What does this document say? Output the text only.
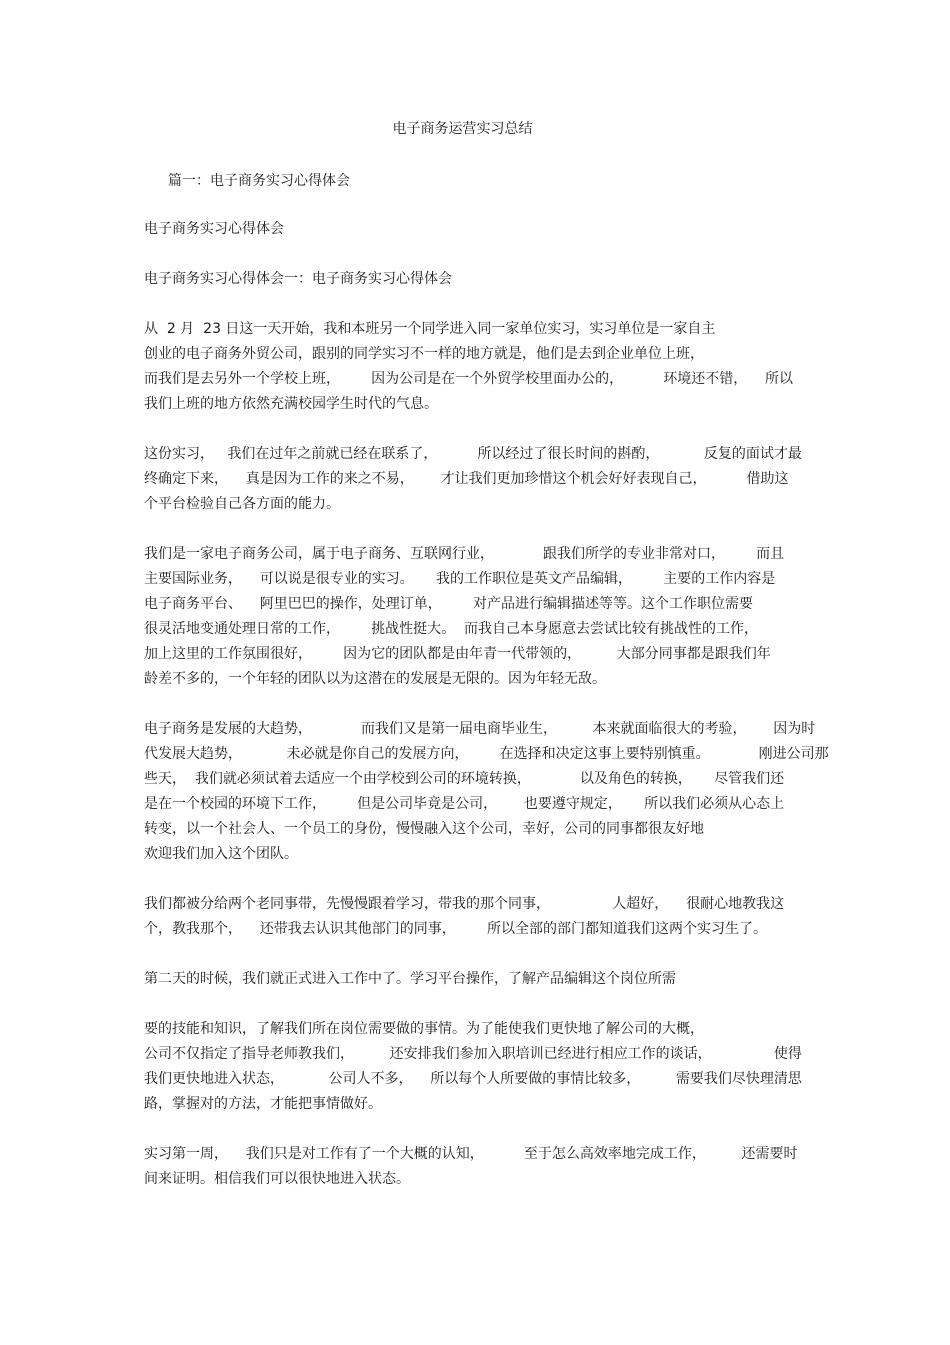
电子商务运营实习总结

篇一：电子商务实习心得体会

电子商务实习心得体会

电子商务实习心得体会一：电子商务实习心得体会

从  2 月  23 日这一天开始，我和本班另一个同学进入同一家单位实习，实习单位是一家自主

创业的电子商务外贸公司，跟别的同学实习不一样的地方就是，他们是去到企业单位上班，

而我们是去另外一个学校上班，       因为公司是在一个外贸学校里面办公的，         环境还不错，    所以

我们上班的地方依然充满校园学生时代的气息。

这份实习，   我们在过年之前就已经在联系了，         所以经过了很长时间的斟酌，          反复的面试才最

终确定下来，    真是因为工作的来之不易，      才让我们更加珍惜这个机会好好表现自己，         借助这

个平台检验自己各方面的能力。

我们是一家电子商务公司，属于电子商务、互联网行业，           跟我们所学的专业非常对口，       而且

主要国际业务，    可以说是很专业的实习。     我的工作职位是英文产品编辑，       主要的工作内容是

电子商务平台、    阿里巴巴的操作，处理订单，       对产品进行编辑描述等等。这个工作职位需要

很灵活地变通处理日常的工作，       挑战性挺大。  而我自己本身愿意去尝试比较有挑战性的工作，

加上这里的工作氛围很好，       因为它的团队都是由年青一代带领的，        大部分同事都是跟我们年

龄差不多的，一个年轻的团队以为这潜在的发展是无限的。因为年轻无敌。

电子商务是发展的大趋势，           而我们又是第一届电商毕业生，        本来就面临很大的考验，      因为时

代发展大趋势，          未必就是你自己的发展方向，       在选择和决定这事上要特别慎重。           刚进公司那

些天，  我们就必须试着去适应一个由学校到公司的环境转换，           以及角色的转换，     尽管我们还

是在一个校园的环境下工作，       但是公司毕竟是公司，      也要遵守规定，     所以我们必须从心态上

转变，以一个社会人、一个员工的身份，慢慢融入这个公司，幸好，公司的同事都很友好地

欢迎我们加入这个团队。

我们都被分给两个老同事带，先慢慢跟着学习，带我的那个同事，              人超好，    很耐心地教我这

个，教我那个，    还带我去认识其他部门的同事，       所以全部的部门都知道我们这两个实习生了。

第二天的时候，我们就正式进入工作中了。学习平台操作，了解产品编辑这个岗位所需

要的技能和知识，了解我们所在岗位需要做的事情。为了能使我们更快地了解公司的大概，

公司不仅指定了指导老师教我们，        还安排我们参加入职培训已经进行相应工作的谈话，              使得

我们更快地进入状态，          公司人不多，    所以每个人所要做的事情比较多，        需要我们尽快理清思

路，掌握对的方法，才能把事情做好。

实习第一周，    我们只是对工作有了一个大概的认知，         至于怎么高效率地完成工作，        还需要时

间来证明。相信我们可以很快地进入状态。
